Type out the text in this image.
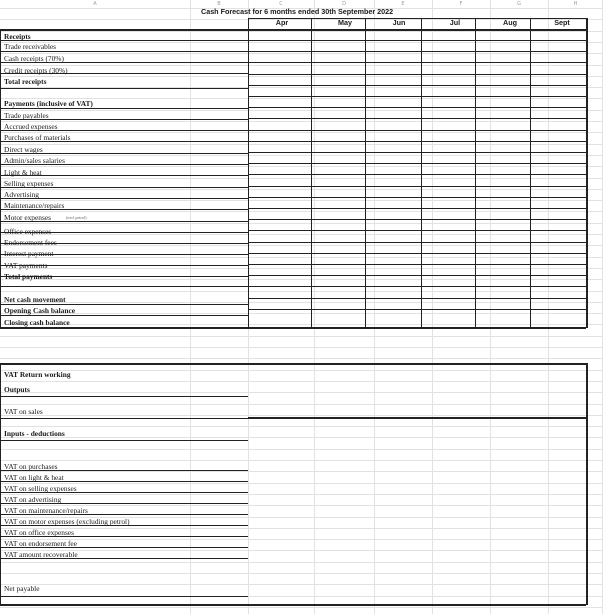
A	B	C	D	E	F	G	H
Cash Forecast for 6 months ended 30th September 2022
Apr	May	Jun	Jul	Aug	Sept
Receipts
Trade receivables
Cash receipts (70%)
Credit receipts (30%)
Total receipts
Payments (inclusive of VAT)
Trade payables
Accrued expenses
Purchases of materials
Direct wages
Admin/sales salaries
Light & heat
Selling expenses
Advertising
Maintenance/repairs
Motor expenses	(excl petrol)
Office expenses
Endorsement fees
Interest payment
VAT payments
Total payments
Net cash movement
Opening Cash balance
Closing cash balance
VAT Return working
Outputs
VAT on sales
Inputs - deductions
VAT on purchases
VAT on light & heat
VAT on selling expenses
VAT on advertising
VAT on maintenance/repairs
VAT on motor expenses (excluding petrol)
VAT on office expenses
VAT on endorsement fee
VAT amount recoverable
Net payable
